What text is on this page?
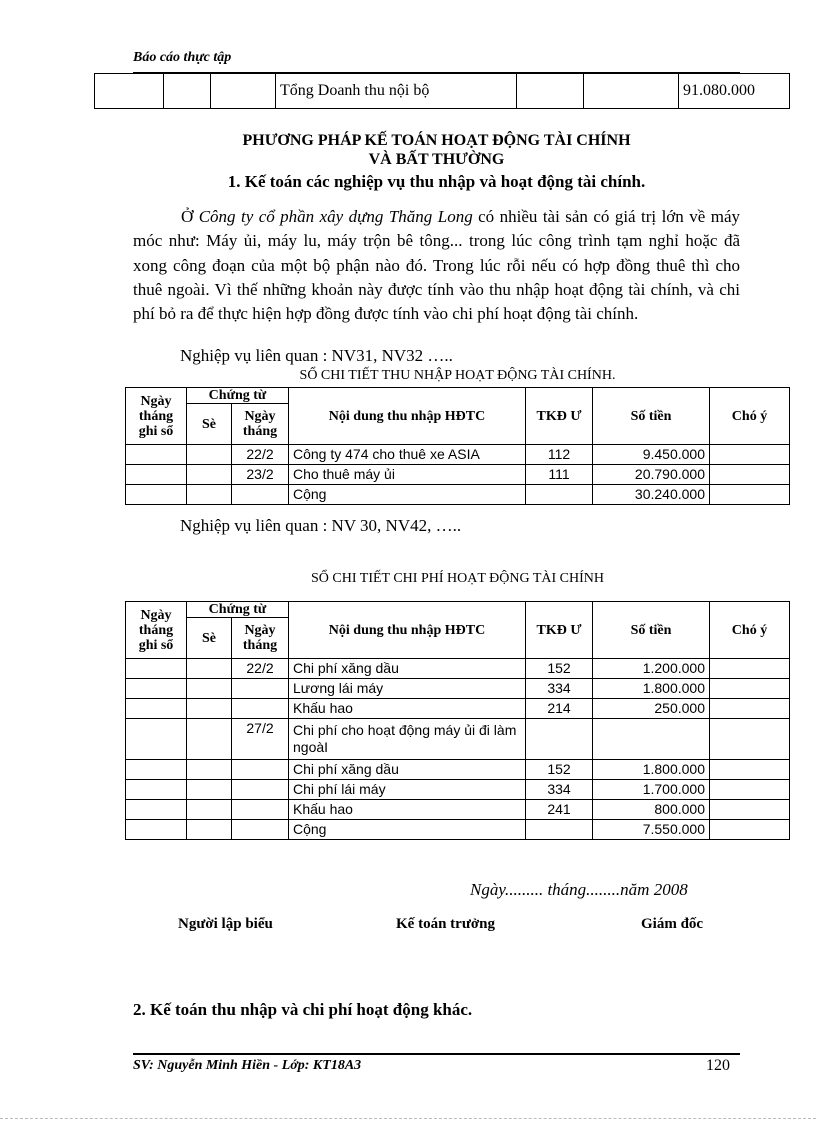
Báo cáo thực tập
			Tổng Doanh thu nội bộ			91.080.000
PHƯƠNG PHÁP KẾ TOÁN HOẠT ĐỘNG TÀI CHÍNH
VÀ BẤT THƯỜNG
1. Kế toán các nghiệp vụ thu nhập và hoạt động tài chính.
Ở Công ty cổ phần xây dựng Thăng Long có nhiều tài sản có giá trị lớn về máy móc như: Máy ủi, máy lu, máy trộn bê tông... trong lúc công trình tạm nghỉ hoặc đã xong công đoạn của một bộ phận nào đó. Trong lúc rỗi nếu có hợp đồng thuê thì cho thuê ngoài. Vì thế những khoản này được tính vào thu nhập hoạt động tài chính, và chi phí bỏ ra để thực hiện hợp đồng được tính vào chi phí hoạt động tài chính.
Nghiệp vụ liên quan : NV31, NV32 …..
SỔ CHI TIẾT THU NHẬP HOẠT ĐỘNG TÀI CHÍNH.
Ngày tháng ghi sổ	Chứng từ		Nội dung thu nhập HĐTC	TKĐ Ư	Số tiền	Chó ý
	Sè	Ngày tháng				
		22/2	Công ty 474 cho thuê xe ASIA	112	9.450.000	
		23/2	Cho thuê máy ủi	111	20.790.000	
			Cộng		30.240.000	
Nghiệp vụ liên quan : NV 30, NV42, …..
SỔ CHI TIẾT CHI PHÍ HOẠT ĐỘNG TÀI CHÍNH
Ngày tháng ghi sổ	Chứng từ		Nội dung thu nhập HĐTC	TKĐ Ư	Số tiền	Chó ý
	Sè	Ngày tháng				
		22/2	Chi phí xăng dầu	152	1.200.000	
			Lương lái máy	334	1.800.000	
			Khấu hao	214	250.000	
		27/2	Chi phí cho hoạt động máy ủi đi làm ngoàI			
			Chi phí xăng dầu	152	1.800.000	
			Chi phí lái máy	334	1.700.000	
			Khấu hao	241	800.000	
			Cộng		7.550.000	
Ngày......... tháng........năm 2008
Người lập biểu	Kế toán trưởng	Giám đốc
2. Kế toán thu nhập và chi phí hoạt động khác.
SV: Nguyễn Minh Hiền - Lớp: KT18A3	120
